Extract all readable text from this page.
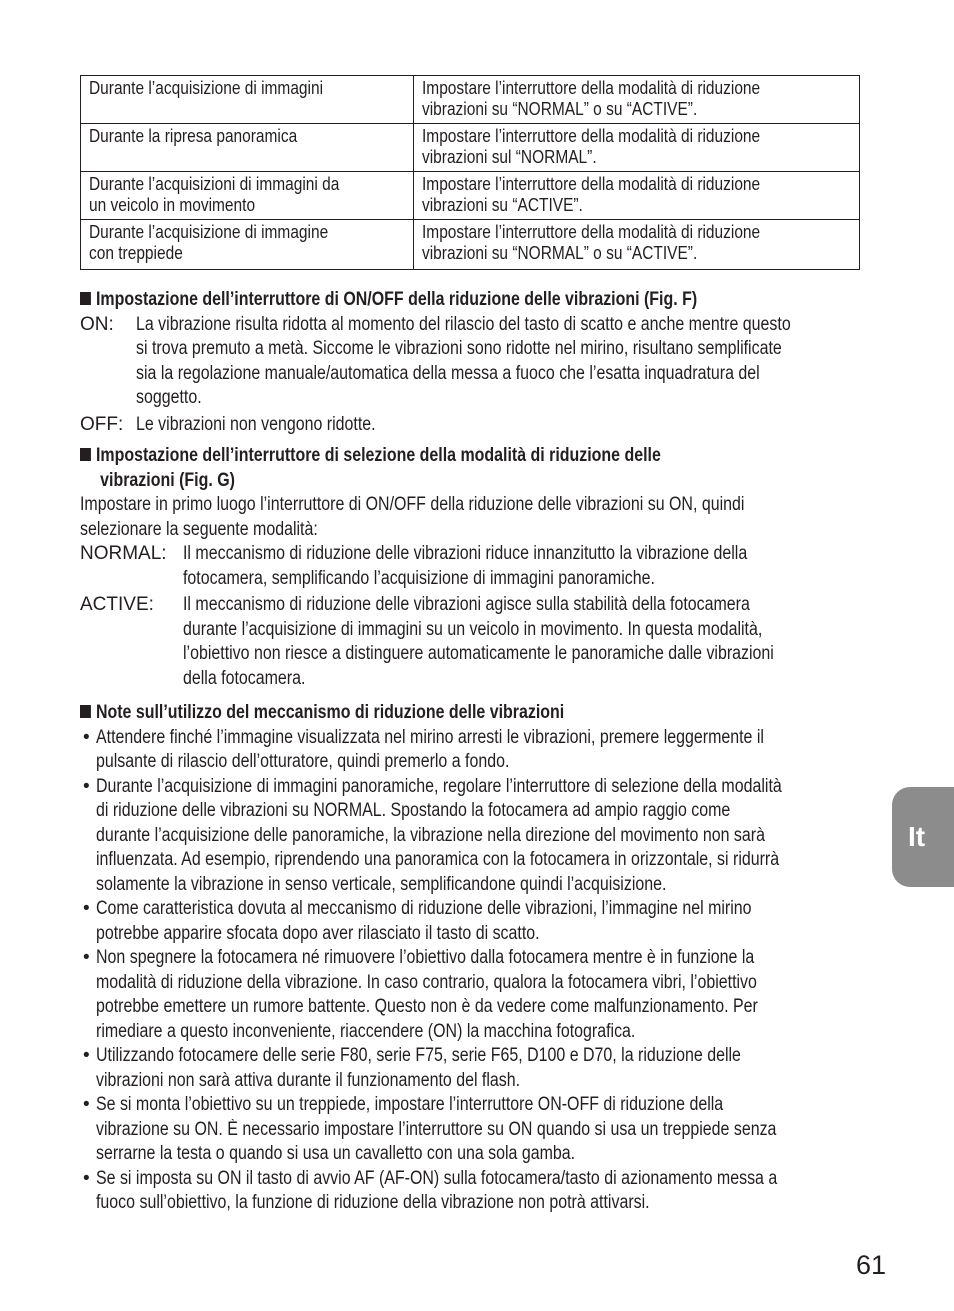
Durante l’acquisizione di immagini	Impostare l’interruttore della modalità di riduzione
vibrazioni su “NORMAL” o su “ACTIVE”.
Durante la ripresa panoramica	Impostare l’interruttore della modalità di riduzione
vibrazioni sul “NORMAL”.
Durante l’acquisizioni di immagini da
un veicolo in movimento	Impostare l’interruttore della modalità di riduzione
vibrazioni su “ACTIVE”.
Durante l’acquisizione di immagine
con treppiede	Impostare l’interruttore della modalità di riduzione
vibrazioni su “NORMAL” o su “ACTIVE”.
Impostazione dell’interruttore di ON/OFF della riduzione delle vibrazioni (Fig. F)
ON: La vibrazione risulta ridotta al momento del rilascio del tasto di scatto e anche mentre questo
si trova premuto a metà. Siccome le vibrazioni sono ridotte nel mirino, risultano semplificate
sia la regolazione manuale/automatica della messa a fuoco che l’esatta inquadratura del
soggetto.
OFF: Le vibrazioni non vengono ridotte.
Impostazione dell’interruttore di selezione della modalità di riduzione delle
vibrazioni (Fig. G)
Impostare in primo luogo l’interruttore di ON/OFF della riduzione delle vibrazioni su ON, quindi
selezionare la seguente modalità:
NORMAL: Il meccanismo di riduzione delle vibrazioni riduce innanzitutto la vibrazione della
fotocamera, semplificando l’acquisizione di immagini panoramiche.
ACTIVE: Il meccanismo di riduzione delle vibrazioni agisce sulla stabilità della fotocamera
durante l’acquisizione di immagini su un veicolo in movimento. In questa modalità,
l’obiettivo non riesce a distinguere automaticamente le panoramiche dalle vibrazioni
della fotocamera.
Note sull’utilizzo del meccanismo di riduzione delle vibrazioni
• Attendere finché l’immagine visualizzata nel mirino arresti le vibrazioni, premere leggermente il
pulsante di rilascio dell’otturatore, quindi premerlo a fondo.
• Durante l’acquisizione di immagini panoramiche, regolare l’interruttore di selezione della modalità
di riduzione delle vibrazioni su NORMAL. Spostando la fotocamera ad ampio raggio come
durante l’acquisizione delle panoramiche, la vibrazione nella direzione del movimento non sarà
influenzata. Ad esempio, riprendendo una panoramica con la fotocamera in orizzontale, si ridurrà
solamente la vibrazione in senso verticale, semplificandone quindi l’acquisizione.
• Come caratteristica dovuta al meccanismo di riduzione delle vibrazioni, l’immagine nel mirino
potrebbe apparire sfocata dopo aver rilasciato il tasto di scatto.
• Non spegnere la fotocamera né rimuovere l’obiettivo dalla fotocamera mentre è in funzione la
modalità di riduzione della vibrazione. In caso contrario, qualora la fotocamera vibri, l’obiettivo
potrebbe emettere un rumore battente. Questo non è da vedere come malfunzionamento. Per
rimediare a questo inconveniente, riaccendere (ON) la macchina fotografica.
• Utilizzando fotocamere delle serie F80, serie F75, serie F65, D100 e D70, la riduzione delle
vibrazioni non sarà attiva durante il funzionamento del flash.
• Se si monta l’obiettivo su un treppiede, impostare l’interruttore ON-OFF di riduzione della
vibrazione su ON. È necessario impostare l’interruttore su ON quando si usa un treppiede senza
serrarne la testa o quando si usa un cavalletto con una sola gamba.
• Se si imposta su ON il tasto di avvio AF (AF-ON) sulla fotocamera/tasto di azionamento messa a
fuoco sull’obiettivo, la funzione di riduzione della vibrazione non potrà attivarsi.
It
61
